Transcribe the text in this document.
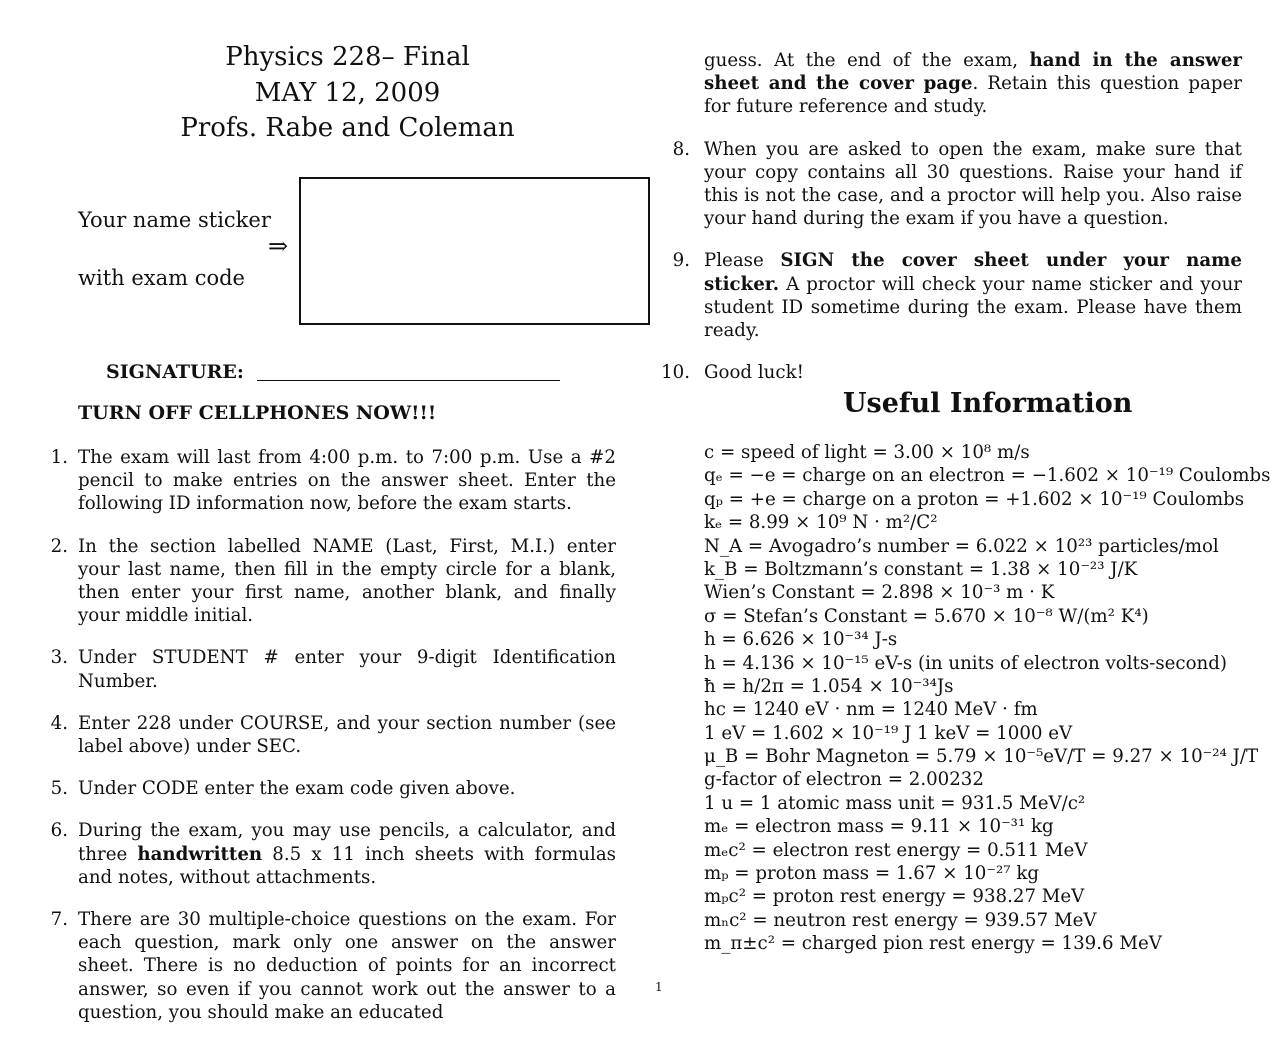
Physics 228– Final
MAY 12, 2009
Profs. Rabe and Coleman
Your name sticker
with exam code
⇒
SIGNATURE:
TURN OFF CELLPHONES NOW!!!
1. The exam will last from 4:00 p.m. to 7:00 p.m. Use a #2 pencil to make entries on the answer sheet. Enter the following ID information now, before the exam starts.
2. In the section labelled NAME (Last, First, M.I.) enter your last name, then fill in the empty circle for a blank, then enter your first name, another blank, and finally your middle initial.
3. Under STUDENT # enter your 9-digit Identification Number.
4. Enter 228 under COURSE, and your section number (see label above) under SEC.
5. Under CODE enter the exam code given above.
6. During the exam, you may use pencils, a calculator, and three handwritten 8.5 x 11 inch sheets with formulas and notes, without attachments.
7. There are 30 multiple-choice questions on the exam. For each question, mark only one answer on the answer sheet. There is no deduction of points for an incorrect answer, so even if you cannot work out the answer to a question, you should make an educated
guess. At the end of the exam, hand in the answer sheet and the cover page. Retain this question paper for future reference and study.
8. When you are asked to open the exam, make sure that your copy contains all 30 questions. Raise your hand if this is not the case, and a proctor will help you. Also raise your hand during the exam if you have a question.
9. Please SIGN the cover sheet under your name sticker. A proctor will check your name sticker and your student ID sometime during the exam. Please have them ready.
10. Good luck!
Useful Information
c = speed of light = 3.00 × 10⁸ m/s
qₑ = −e = charge on an electron = −1.602 × 10⁻¹⁹ Coulombs
qₚ = +e = charge on a proton = +1.602 × 10⁻¹⁹ Coulombs
kₑ = 8.99 × 10⁹ N · m²/C²
N_A = Avogadro’s number = 6.022 × 10²³ particles/mol
k_B = Boltzmann’s constant = 1.38 × 10⁻²³ J/K
Wien’s Constant = 2.898 × 10⁻³ m · K
σ = Stefan’s Constant = 5.670 × 10⁻⁸ W/(m² K⁴)
h = 6.626 × 10⁻³⁴ J-s
h = 4.136 × 10⁻¹⁵ eV-s (in units of electron volts-second)
ħ = h/2π = 1.054 × 10⁻³⁴Js
hc = 1240 eV · nm = 1240 MeV · fm
1 eV = 1.602 × 10⁻¹⁹ J 1 keV = 1000 eV
μ_B = Bohr Magneton = 5.79 × 10⁻⁵eV/T = 9.27 × 10⁻²⁴ J/T
g-factor of electron = 2.00232
1 u = 1 atomic mass unit = 931.5 MeV/c²
mₑ = electron mass = 9.11 × 10⁻³¹ kg
mₑc² = electron rest energy = 0.511 MeV
mₚ = proton mass = 1.67 × 10⁻²⁷ kg
mₚc² = proton rest energy = 938.27 MeV
mₙc² = neutron rest energy = 939.57 MeV
m_π±c² = charged pion rest energy = 139.6 MeV
1
